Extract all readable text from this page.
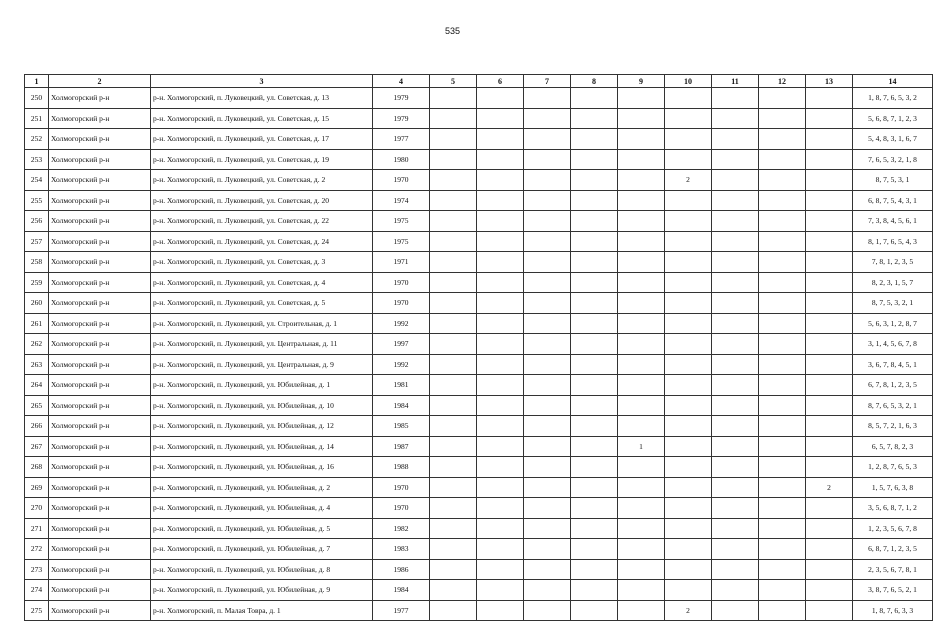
535
1	2	3	4	5	6	7	8	9	10	11	12	13	14
250	Холмогорский р-н	р-н. Холмогорский, п. Луковецкий, ул. Советская, д. 13	1979										1, 8, 7, 6, 5, 3, 2
251	Холмогорский р-н	р-н. Холмогорский, п. Луковецкий, ул. Советская, д. 15	1979										5, 6, 8, 7, 1, 2, 3
252	Холмогорский р-н	р-н. Холмогорский, п. Луковецкий, ул. Советская, д. 17	1977										5, 4, 8, 3, 1, 6, 7
253	Холмогорский р-н	р-н. Холмогорский, п. Луковецкий, ул. Советская, д. 19	1980										7, 6, 5, 3, 2, 1, 8
254	Холмогорский р-н	р-н. Холмогорский, п. Луковецкий, ул. Советская, д. 2	1970						2				8, 7, 5, 3, 1
255	Холмогорский р-н	р-н. Холмогорский, п. Луковецкий, ул. Советская, д. 20	1974										6, 8, 7, 5, 4, 3, 1
256	Холмогорский р-н	р-н. Холмогорский, п. Луковецкий, ул. Советская, д. 22	1975										7, 3, 8, 4, 5, 6, 1
257	Холмогорский р-н	р-н. Холмогорский, п. Луковецкий, ул. Советская, д. 24	1975										8, 1, 7, 6, 5, 4, 3
258	Холмогорский р-н	р-н. Холмогорский, п. Луковецкий, ул. Советская, д. 3	1971										7, 8, 1, 2, 3, 5
259	Холмогорский р-н	р-н. Холмогорский, п. Луковецкий, ул. Советская, д. 4	1970										8, 2, 3, 1, 5, 7
260	Холмогорский р-н	р-н. Холмогорский, п. Луковецкий, ул. Советская, д. 5	1970										8, 7, 5, 3, 2, 1
261	Холмогорский р-н	р-н. Холмогорский, п. Луковецкий, ул. Строительная, д. 1	1992										5, 6, 3, 1, 2, 8, 7
262	Холмогорский р-н	р-н. Холмогорский, п. Луковецкий, ул. Центральная, д. 11	1997										3, 1, 4, 5, 6, 7, 8
263	Холмогорский р-н	р-н. Холмогорский, п. Луковецкий, ул. Центральная, д. 9	1992										3, 6, 7, 8, 4, 5, 1
264	Холмогорский р-н	р-н. Холмогорский, п. Луковецкий, ул. Юбилейная, д. 1	1981										6, 7, 8, 1, 2, 3, 5
265	Холмогорский р-н	р-н. Холмогорский, п. Луковецкий, ул. Юбилейная, д. 10	1984										8, 7, 6, 5, 3, 2, 1
266	Холмогорский р-н	р-н. Холмогорский, п. Луковецкий, ул. Юбилейная, д. 12	1985										8, 5, 7, 2, 1, 6, 3
267	Холмогорский р-н	р-н. Холмогорский, п. Луковецкий, ул. Юбилейная, д. 14	1987					1					6, 5, 7, 8, 2, 3
268	Холмогорский р-н	р-н. Холмогорский, п. Луковецкий, ул. Юбилейная, д. 16	1988										1, 2, 8, 7, 6, 5, 3
269	Холмогорский р-н	р-н. Холмогорский, п. Луковецкий, ул. Юбилейная, д. 2	1970									2	1, 5, 7, 6, 3, 8
270	Холмогорский р-н	р-н. Холмогорский, п. Луковецкий, ул. Юбилейная, д. 4	1970										3, 5, 6, 8, 7, 1, 2
271	Холмогорский р-н	р-н. Холмогорский, п. Луковецкий, ул. Юбилейная, д. 5	1982										1, 2, 3, 5, 6, 7, 8
272	Холмогорский р-н	р-н. Холмогорский, п. Луковецкий, ул. Юбилейная, д. 7	1983										6, 8, 7, 1, 2, 3, 5
273	Холмогорский р-н	р-н. Холмогорский, п. Луковецкий, ул. Юбилейная, д. 8	1986										2, 3, 5, 6, 7, 8, 1
274	Холмогорский р-н	р-н. Холмогорский, п. Луковецкий, ул. Юбилейная, д. 9	1984										3, 8, 7, 6, 5, 2, 1
275	Холмогорский р-н	р-н. Холмогорский, п. Малая Товра, д. 1	1977						2				1, 8, 7, 6, 3, 3
